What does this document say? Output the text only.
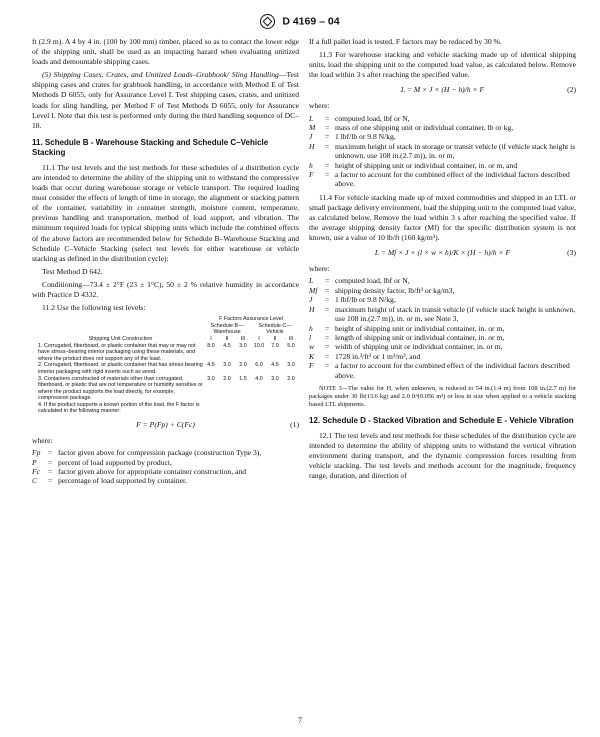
D 4169 – 04

ft (2.9 m). A 4 by 4 in. (100 by 100 mm) timber, placed so as to contact the lower edge of the shipping unit, shall be used as an impacting hazard when evaluating unitized loads and demountable shipping cases.

(5) Shipping Cases, Crates, and Unitized Loads–Grabhook/ Sling Handling—Test shipping cases and crates for grabhook handling, in accordance with Method E of Test Methods D 6055, only for Assurance Level I. Test shipping cases, crates, and unitized loads for sling handling, per Method F of Test Methods D 6055, only for Assurance Level I. Note that this test is performed only during the third handling sequence of DC–18.

11. Schedule B - Warehouse Stacking and Schedule C–Vehicle Stacking

11.1 The test levels and the test methods for these schedules of a distribution cycle are intended to determine the ability of the shipping unit to withstand the compressive loads that occur during warehouse storage or vehicle transport. The required loading must consider the effects of length of time in storage, the alignment or stacking pattern of the container, variability in container strength, moisture content, temperature, previous handling and transportation, method of load support, and vibration. The minimum required loads for typical shipping units which include the combined effects of the above factors are recommended below for Schedule B–Warehouse Stacking and Schedule C–Vehicle Stacking (select test levels for either warehouse or vehicle stacking as defined in the distribution cycle):

Test Method D 642.

Conditioning—73.4 ± 2°F (23 ± 1°C), 50 ± 2 % relative humidity in accordance with Practice D 4332.

11.2 Use the following test levels:

	F Factors Assurance Level					
	Schedule B—Warehouse			Schedule C—Vehicle		
Shipping Unit Construction	I	II	III	I	II	III
1. Corrugated, fiberboard, or plastic container that may or may not have stress–bearing interior packaging using these materials, and where the product does not support any of the load.	8.0	4.5	3.0	10.0	7.0	5.0
2. Corrugated, fiberboard, or plastic container that has stress-bearing interior packaging with rigid inserts such as wood.	4.5	3.0	2.0	6.0	4.5	3.0
3. Containers constructed of materials other than corrugated, fiberboard, or plastic that are not temperature or humidity sensitive or where the product supports the load directly, for example, compression package.	3.0	2.0	1.5	4.0	3.0	2.0
4. If the product supports a known portion of the load, the F factor is calculated in the following manner:						
F = P(Fp) + C(Fc)	(1)

where:

Fp = factor given above for compression package (construction Type 3),
P	= percent of load supported by product,
Fc	= factor given above for appropriate container construction, and
C	= percentage of load supported by container.

If a full pallet load is tested, F factors may be reduced by 30 %.

11.3 For warehouse stacking and vehicle stacking made up of identical shipping units, load the shipping unit to the computed load value, as calculated below. Remove the load within 3 s after reaching the specified value.

L = M × J × (H − h)/h × F	(2)

where:

L	= computed load, lbf or N,
M	= mass of one shipping unit or individual container, lb or kg,
J	= 1 lbf/lb or 9.8 N/kg,
H	= maximum height of stack in storage or transit vehicle (if vehicle stack height is unknown, use 108 in.(2.7 m)), in. or m,
h	= height of shipping unit or individual container, in. or m, and
F	= a factor to account for the combined effect of the individual factors described above.

11.4 For vehicle stacking made up of mixed commodities and shipped in an LTL or small package delivery environment, load the shipping unit to the computed load value, as calculated below. Remove the load within 3 s after reaching the specified value. If the average shipping density factor (Mf) for the specific distribution system is not known, use a value of 10 lb/ft (160 kg/m³).

L = Mf × J × (l × w × h)/K × (H − h)/h × F	(3)

where:

L	= computed load, lbf or N,
Mf = shipping density factor, lb/ft³ or kg/m3,
J	= 1 lbf/lb or 9.8 N/kg,
H	= maximum height of stack in transit vehicle (if vehicle stack height is unknown, use 108 in.(2.7 m)), in. or m, see Note 3,
h	= height of shipping unit or individual container, in. or m,
l	= length of shipping unit or individual container, in. or m,
w	= width of shipping unit or individual container, in. or m,
K	= 1728 in.³/ft³ or 1 m³/m³, and
F	= a factor to account for the combined effect of the individual factors described above.

NOTE 3—The value for H, when unknown, is reduced to 54 in.(1.4 m) from 108 in.(2.7 m) for packages under 30 lb(13.6 kg) and 2.0 ft³(0.056 m³) or less in size when applied to a vehicle stacking based LTL shipments.

12. Schedule D - Stacked Vibration and Schedule E - Vehicle Vibration

12.1 The test levels and test methods for these schedules of the distribution cycle are intended to determine the ability of shipping units to withstand the vertical vibration environment during transport, and the dynamic compression forces resulting from vehicle stacking. The test levels and methods account for the magnitude, frequency range, duration, and direction of

7
